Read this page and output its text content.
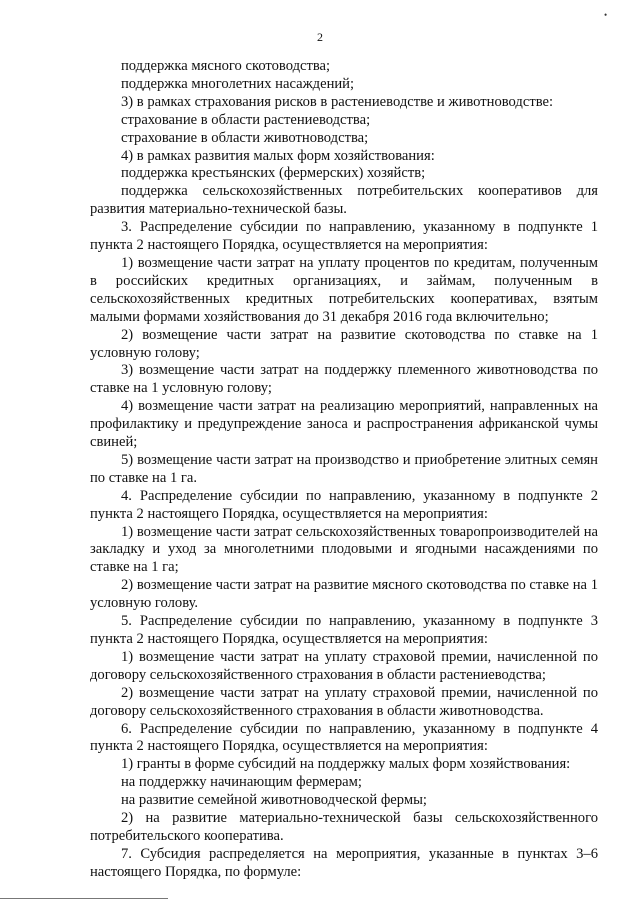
•
2

поддержка мясного скотоводства;

поддержка многолетних насаждений;

3) в рамках страхования рисков в растениеводстве и животноводстве:

страхование в области растениеводства;

страхование в области животноводства;

4) в рамках развития малых форм хозяйствования:

поддержка крестьянских (фермерских) хозяйств;

поддержка сельскохозяйственных потребительских кооперативов для развития материально-технической базы.

3. Распределение субсидии по направлению, указанному в подпункте 1 пункта 2 настоящего Порядка, осуществляется на мероприятия:

1) возмещение части затрат на уплату процентов по кредитам, полученным в российских кредитных организациях, и займам, полученным в сельскохозяйственных кредитных потребительских кооперативах, взятым малыми формами хозяйствования до 31 декабря 2016 года включительно;

2) возмещение части затрат на развитие скотоводства по ставке на 1 условную голову;

3) возмещение части затрат на поддержку племенного животноводства по ставке на 1 условную голову;

4) возмещение части затрат на реализацию мероприятий, направленных на профилактику и предупреждение заноса и распространения африканской чумы свиней;

5) возмещение части затрат на производство и приобретение элитных семян по ставке на 1 га.

4. Распределение субсидии по направлению, указанному в подпункте 2 пункта 2 настоящего Порядка, осуществляется на мероприятия:

1) возмещение части затрат сельскохозяйственных товаропроизводителей на закладку и уход за многолетними плодовыми и ягодными насаждениями по ставке на 1 га;

2) возмещение части затрат на развитие мясного скотоводства по ставке на 1 условную голову.

5. Распределение субсидии по направлению, указанному в подпункте 3 пункта 2 настоящего Порядка, осуществляется на мероприятия:

1) возмещение части затрат на уплату страховой премии, начисленной по договору сельскохозяйственного страхования в области растениеводства;

2) возмещение части затрат на уплату страховой премии, начисленной по договору сельскохозяйственного страхования в области животноводства.

6. Распределение субсидии по направлению, указанному в подпункте 4 пункта 2 настоящего Порядка, осуществляется на мероприятия:

1) гранты в форме субсидий на поддержку малых форм хозяйствования:

на поддержку начинающим фермерам;

на развитие семейной животноводческой фермы;

2) на развитие материально-технической базы сельскохозяйственного потребительского кооператива.

7. Субсидия распределяется на мероприятия, указанные в пунктах 3–6 настоящего Порядка, по формуле:
